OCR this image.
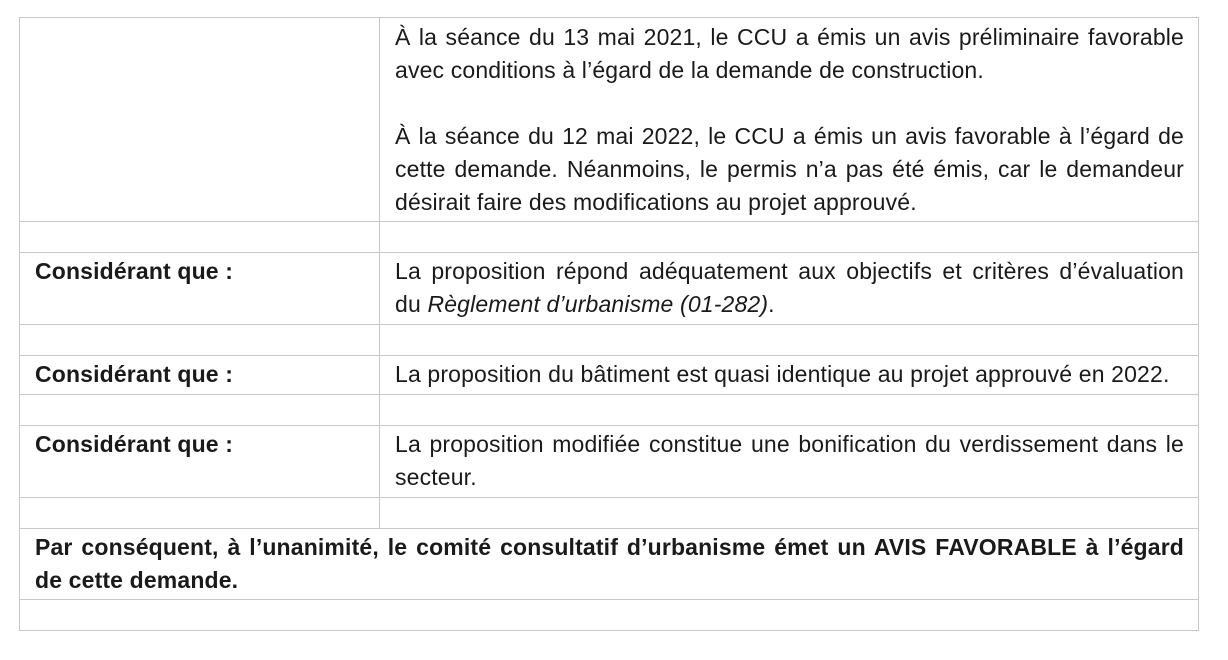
	À la séance du 13 mai 2021, le CCU a émis un avis préliminaire favorable avec conditions à l’égard de la demande de construction.

À la séance du 12 mai 2022, le CCU a émis un avis favorable à l’égard de cette demande. Néanmoins, le permis n’a pas été émis, car le demandeur désirait faire des modifications au projet approuvé.

Considérant que :	La proposition répond adéquatement aux objectifs et critères d’évaluation du Règlement d’urbanisme (01-282).

Considérant que :	La proposition du bâtiment est quasi identique au projet approuvé en 2022.

Considérant que :	La proposition modifiée constitue une bonification du verdissement dans le secteur.

Par conséquent, à l’unanimité, le comité consultatif d’urbanisme émet un AVIS FAVORABLE à l’égard de cette demande.	
